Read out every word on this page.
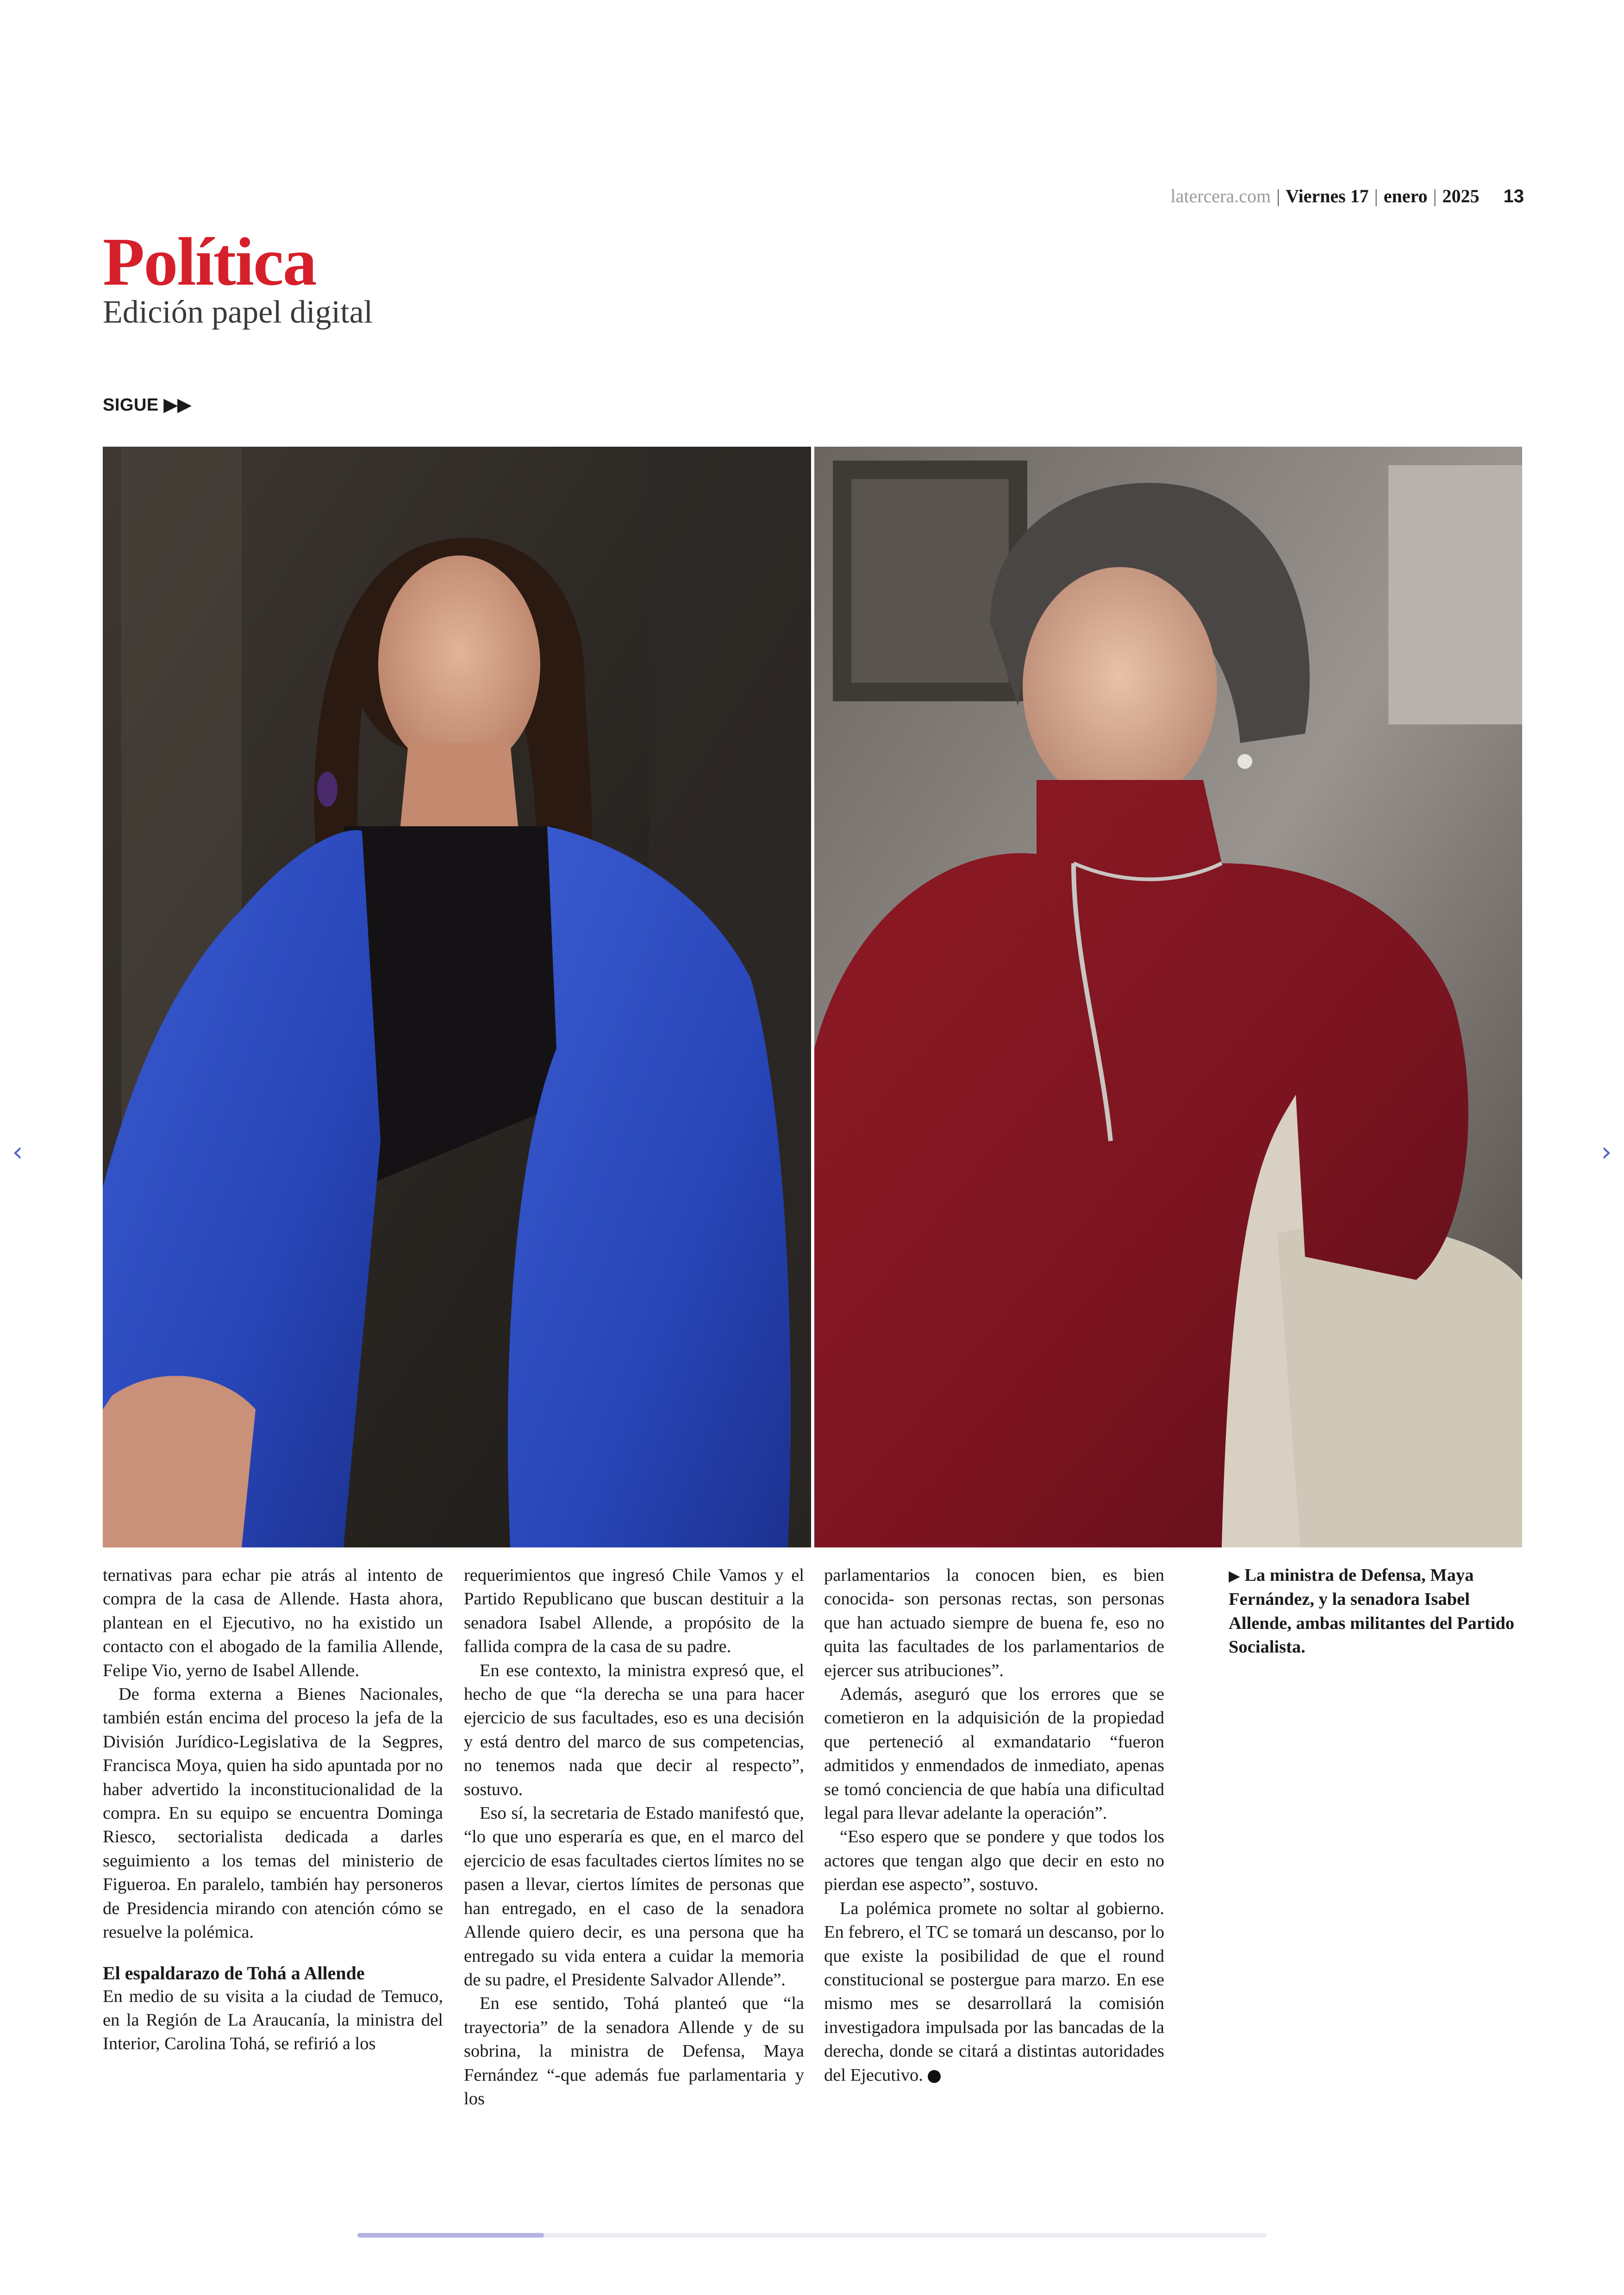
latercera.com | Viernes 17 | enero | 2025 13
Política
Edición papel digital
SIGUE ▶▶
‹	›

ternativas para echar pie atrás al intento de compra de la casa de Allende. Hasta ahora, plantean en el Ejecutivo, no ha existido un contacto con el abogado de la familia Allende, Felipe Vio, yerno de Isabel Allende.

De forma externa a Bienes Nacionales, también están encima del proceso la jefa de la División Jurídico-Legislativa de la Segpres, Francisca Moya, quien ha sido apuntada por no haber advertido la inconstitucionalidad de la compra. En su equipo se encuentra Dominga Riesco, sectorialista dedicada a darles seguimiento a los temas del ministerio de Figueroa. En paralelo, también hay personeros de Presidencia mirando con atención cómo se resuelve la polémica.

El espaldarazo de Tohá a Allende

En medio de su visita a la ciudad de Temuco, en la Región de La Araucanía, la ministra del Interior, Carolina Tohá, se refirió a los

requerimientos que ingresó Chile Vamos y el Partido Republicano que buscan destituir a la senadora Isabel Allende, a propósito de la fallida compra de la casa de su padre.

En ese contexto, la ministra expresó que, el hecho de que “la derecha se una para hacer ejercicio de sus facultades, eso es una decisión y está dentro del marco de sus competencias, no tenemos nada que decir al respecto”, sostuvo.

Eso sí, la secretaria de Estado manifestó que, “lo que uno esperaría es que, en el marco del ejercicio de esas facultades ciertos límites no se pasen a llevar, ciertos límites de personas que han entregado, en el caso de la senadora Allende quiero decir, es una persona que ha entregado su vida entera a cuidar la memoria de su padre, el Presidente Salvador Allende”.

En ese sentido, Tohá planteó que “la trayectoria” de la senadora Allende y de su sobrina, la ministra de Defensa, Maya Fernández “-que además fue parlamentaria y los

parlamentarios la conocen bien, es bien conocida- son personas rectas, son personas que han actuado siempre de buena fe, eso no quita las facultades de los parlamentarios de ejercer sus atribuciones”.

Además, aseguró que los errores que se cometieron en la adquisición de la propiedad que perteneció al exmandatario “fueron admitidos y enmendados de inmediato, apenas se tomó conciencia de que había una dificultad legal para llevar adelante la operación”.

“Eso espero que se pondere y que todos los actores que tengan algo que decir en esto no pierdan ese aspecto”, sostuvo.

La polémica promete no soltar al gobierno. En febrero, el TC se tomará un descanso, por lo que existe la posibilidad de que el round constitucional se postergue para marzo. En ese mismo mes se desarrollará la comisión investigadora impulsada por las bancadas de la derecha, donde se citará a distintas autoridades del Ejecutivo.

▶ La ministra de Defensa, Maya Fernández, y la senadora Isabel Allende, ambas militantes del Partido Socialista.
